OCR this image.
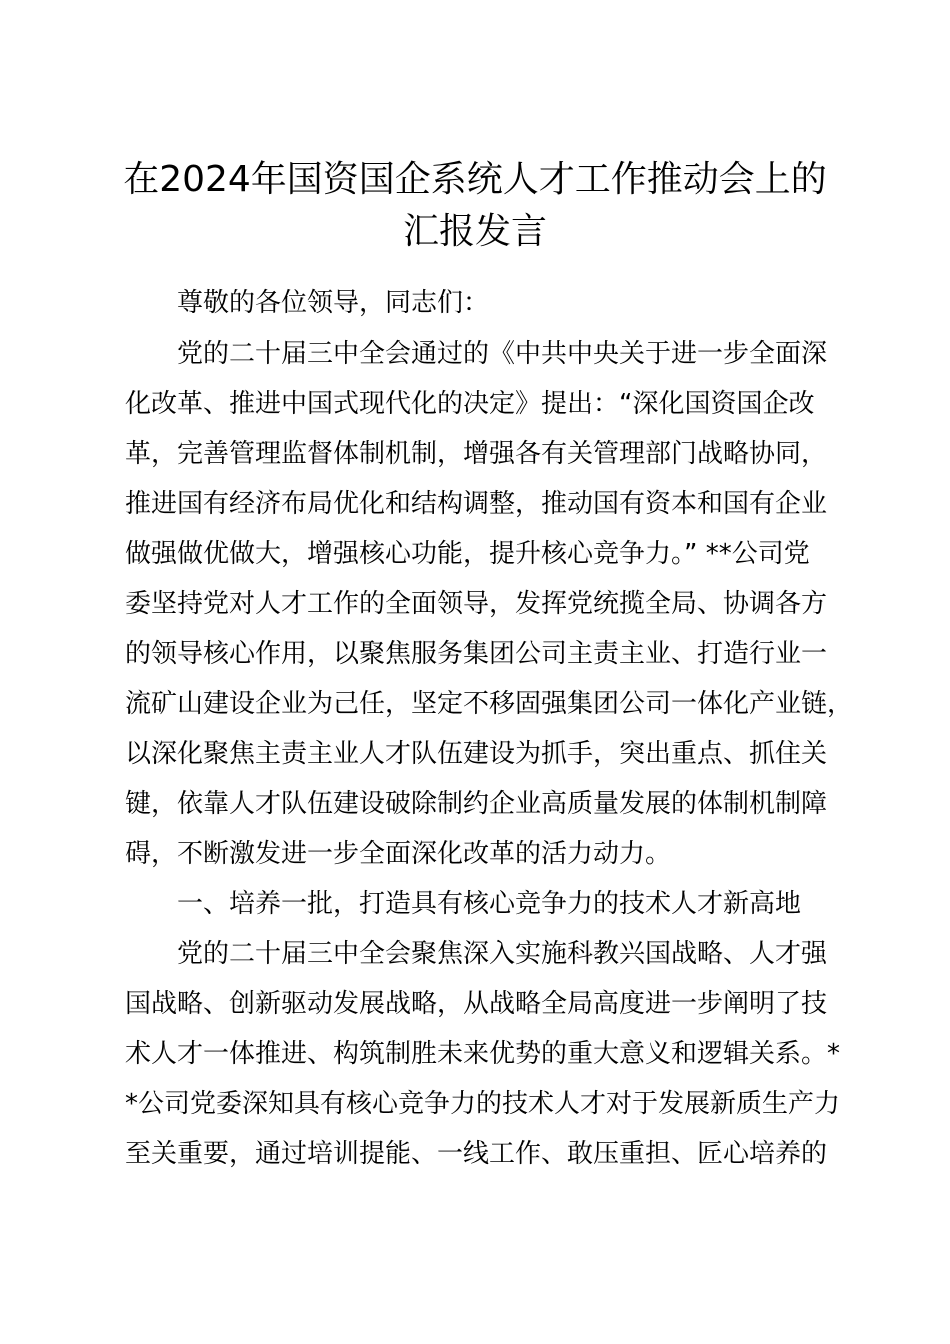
在2024年国资国企系统人才工作推动会上的
汇报发言

尊敬的各位领导，同志们：

党的二十届三中全会通过的《中共中央关于进一步全面深

化改革、推进中国式现代化的决定》提出：“深化国资国企改

革，完善管理监督体制机制，增强各有关管理部门战略协同，

推进国有经济布局优化和结构调整，推动国有资本和国有企业

做强做优做大，增强核心功能，提升核心竞争力。” **公司党

委坚持党对人才工作的全面领导，发挥党统揽全局、协调各方

的领导核心作用，以聚焦服务集团公司主责主业、打造行业一

流矿山建设企业为己任，坚定不移固强集团公司一体化产业链，

以深化聚焦主责主业人才队伍建设为抓手，突出重点、抓住关

键，依靠人才队伍建设破除制约企业高质量发展的体制机制障

碍，不断激发进一步全面深化改革的活力动力。

一、培养一批，打造具有核心竞争力的技术人才新高地

党的二十届三中全会聚焦深入实施科教兴国战略、人才强

国战略、创新驱动发展战略，从战略全局高度进一步阐明了技

术人才一体推进、构筑制胜未来优势的重大意义和逻辑关系。*

*公司党委深知具有核心竞争力的技术人才对于发展新质生产力

至关重要，通过培训提能、一线工作、敢压重担、匠心培养的
